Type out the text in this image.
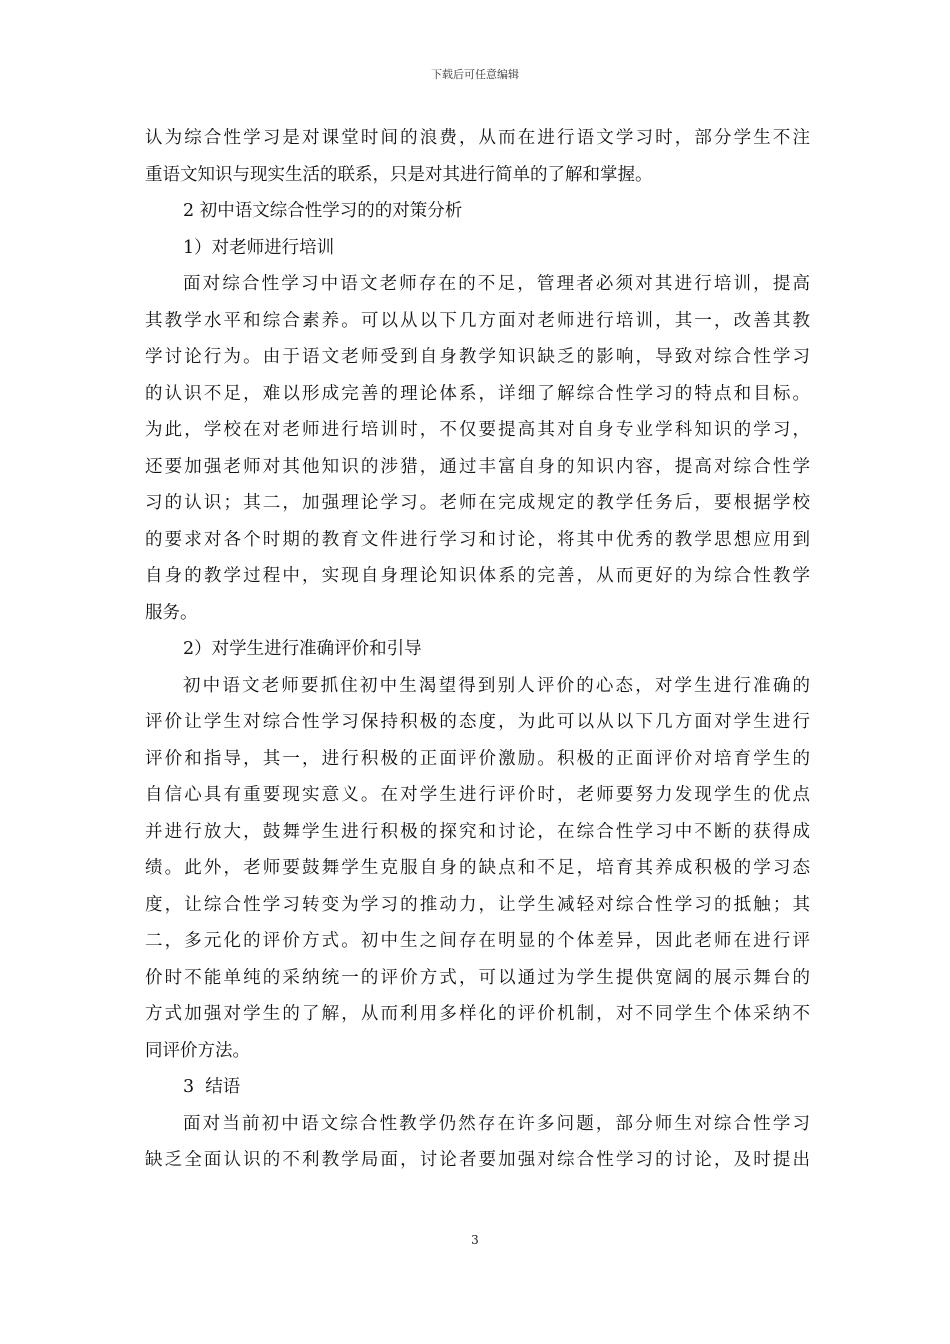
下载后可任意编辑
认为综合性学习是对课堂时间的浪费，从而在进行语文学习时，部分学生不注
重语文知识与现实生活的联系，只是对其进行简单的了解和掌握。
2 初中语文综合性学习的的对策分析
1）对老师进行培训
面对综合性学习中语文老师存在的不足，管理者必须对其进行培训，提高
其教学水平和综合素养。可以从以下几方面对老师进行培训，其一，改善其教
学讨论行为。由于语文老师受到自身教学知识缺乏的影响，导致对综合性学习
的认识不足，难以形成完善的理论体系，详细了解综合性学习的特点和目标。
为此，学校在对老师进行培训时，不仅要提高其对自身专业学科知识的学习，
还要加强老师对其他知识的涉猎，通过丰富自身的知识内容，提高对综合性学
习的认识；其二，加强理论学习。老师在完成规定的教学任务后，要根据学校
的要求对各个时期的教育文件进行学习和讨论，将其中优秀的教学思想应用到
自身的教学过程中，实现自身理论知识体系的完善，从而更好的为综合性教学
服务。
2）对学生进行准确评价和引导
初中语文老师要抓住初中生渴望得到别人评价的心态，对学生进行准确的
评价让学生对综合性学习保持积极的态度，为此可以从以下几方面对学生进行
评价和指导，其一，进行积极的正面评价激励。积极的正面评价对培育学生的
自信心具有重要现实意义。在对学生进行评价时，老师要努力发现学生的优点
并进行放大，鼓舞学生进行积极的探究和讨论，在综合性学习中不断的获得成
绩。此外，老师要鼓舞学生克服自身的缺点和不足，培育其养成积极的学习态
度，让综合性学习转变为学习的推动力，让学生减轻对综合性学习的抵触；其
二，多元化的评价方式。初中生之间存在明显的个体差异，因此老师在进行评
价时不能单纯的采纳统一的评价方式，可以通过为学生提供宽阔的展示舞台的
方式加强对学生的了解，从而利用多样化的评价机制，对不同学生个体采纳不
同评价方法。
3  结语
面对当前初中语文综合性教学仍然存在许多问题，部分师生对综合性学习
缺乏全面认识的不利教学局面，讨论者要加强对综合性学习的讨论，及时提出
3
